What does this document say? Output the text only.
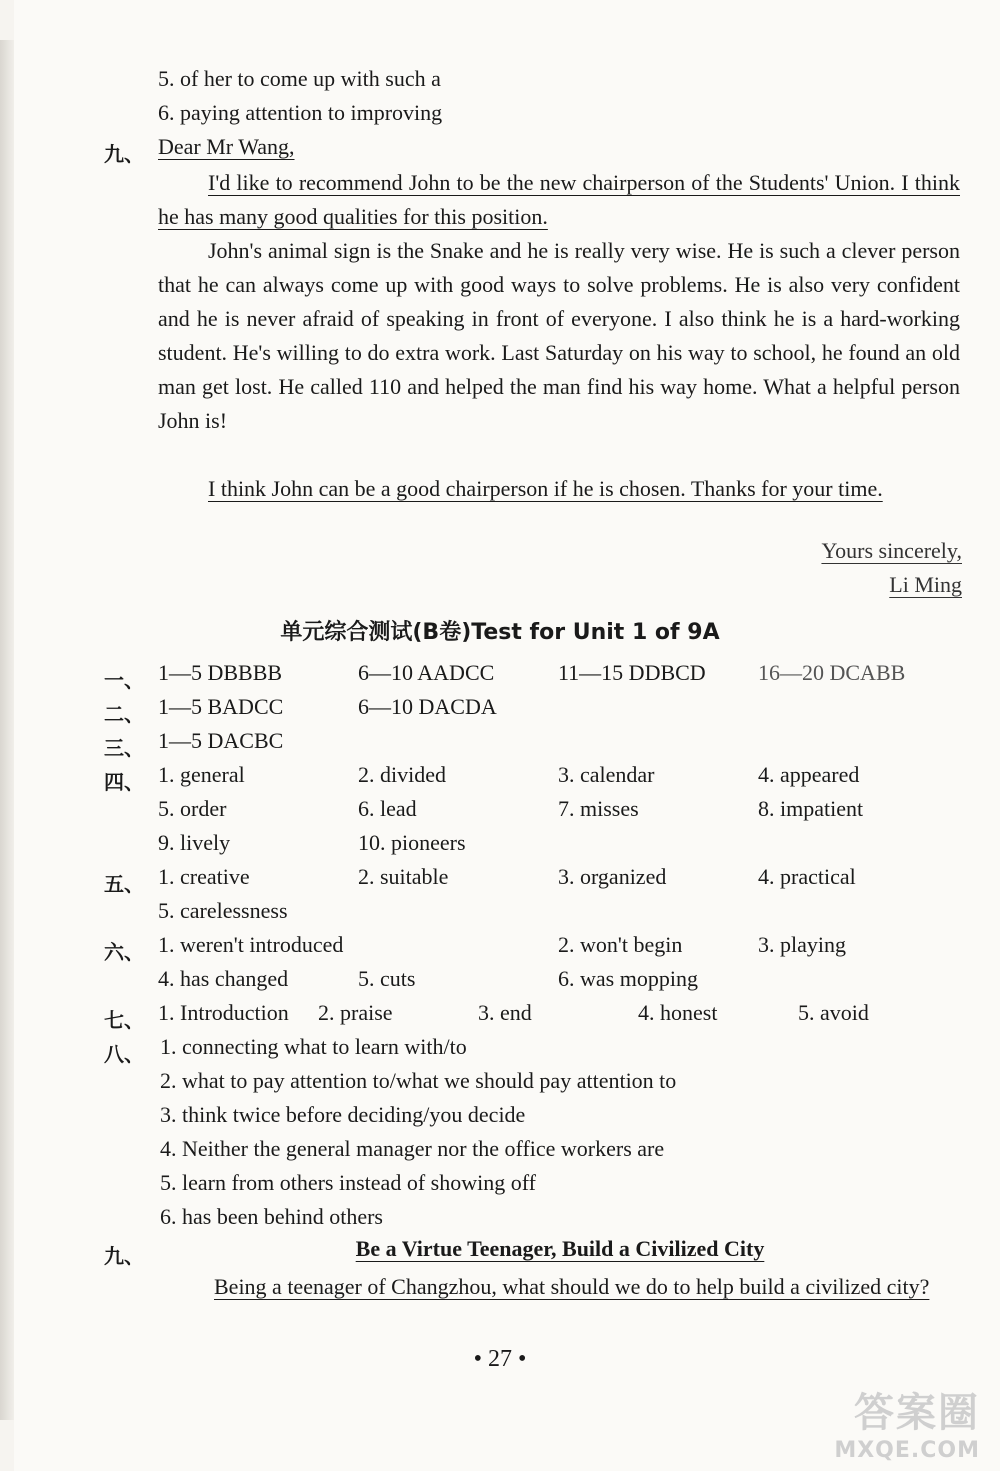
5. of her to come up with such a
6. paying attention to improving
九、 Dear Mr Wang,
I'd like to recommend John to be the new chairperson of the Students' Union. I think he has many good qualities for this position.
John's animal sign is the Snake and he is really very wise. He is such a clever person that he can always come up with good ways to solve problems. He is also very confident and he is never afraid of speaking in front of everyone. I also think he is a hard-working student. He's willing to do extra work. Last Saturday on his way to school, he found an old man get lost. He called 110 and helped the man find his way home. What a helpful person John is!
I think John can be a good chairperson if he is chosen. Thanks for your time.
Yours sincerely,
Li Ming
单元综合测试(B卷)Test for Unit 1 of 9A
一、 1—5 DBBBB	6—10 AADCC	11—15 DDBCD 16—20 DCABB
二、 1—5 BADCC	6—10 DACDA
三、 1—5 DACBC
四、 1. general	2. divided	3. calendar	4. appeared
5. order	6. lead	7. misses	8. impatient
9. lively	10. pioneers
五、 1. creative	2. suitable	3. organized	4. practical
5. carelessness
六、 1. weren't introduced	2. won't begin	3. playing
4. has changed	5. cuts	6. was mopping
七、 1. Introduction 2. praise	3. end	4. honest	5. avoid
八、 1. connecting what to learn with/to
2. what to pay attention to/what we should pay attention to
3. think twice before deciding/you decide
4. Neither the general manager nor the office workers are
5. learn from others instead of showing off
6. has been behind others
九、	Be a Virtue Teenager, Build a Civilized City
Being a teenager of Changzhou, what should we do to help build a civilized city?
• 27 •
答案圈
MXQE.COM
